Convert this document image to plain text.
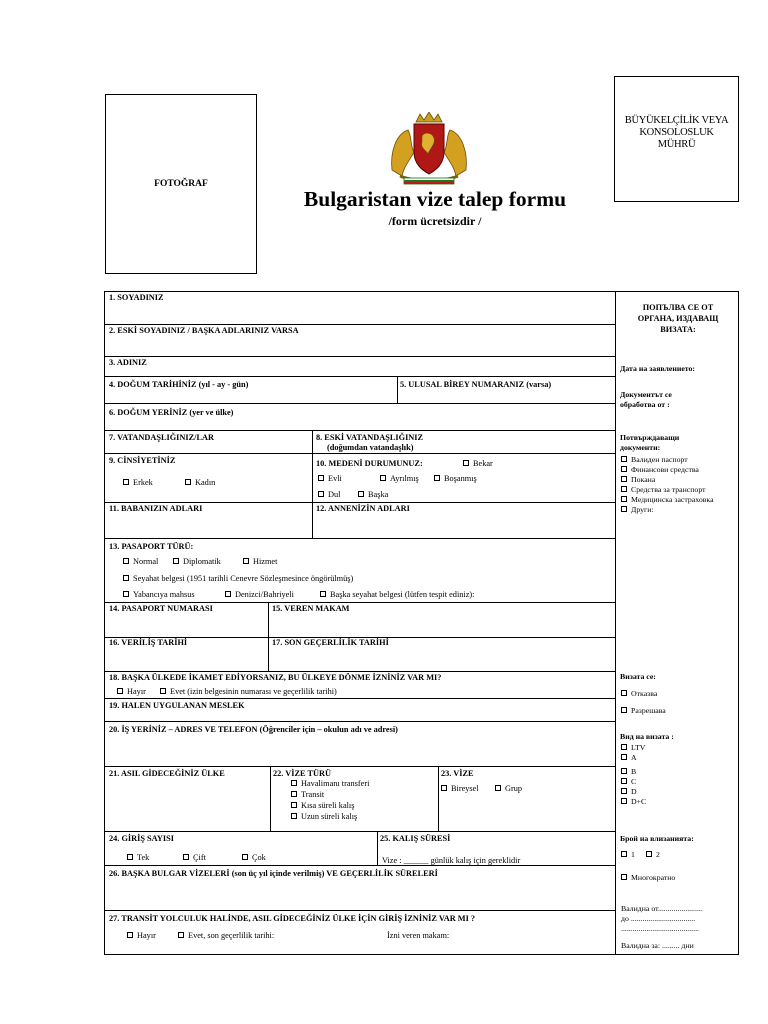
FOTOĞRAF
BÜYÜKELÇİLİK VEYA
KONSOLOSLUK
MÜHRÜ
Bulgaristan vize talep formu
/form ücretsizdir /
1. SOYADINIZ
2. ESKİ SOYADINIZ / BAŞKA ADLARINIZ VARSA
3. ADINIZ
4. DOĞUM TARİHİNİZ (yıl - ay - gün)	5. ULUSAL BİREY NUMARANIZ (varsa)
6. DOĞUM YERİNİZ (yer ve ülke)
7. VATANDAŞLIĞINIZ/LAR	8. ESKİ VATANDAŞLIĞINIZ
(doğumdan vatandaşlık)
9. CİNSİYETİNİZ
Erkek	Kadın
10. MEDENİ DURUMUNUZ:	Bekar
Evli	Ayrılmış	Boşanmış
Dul	Başka
11. BABANIZIN ADLARI	12. ANNENİZİN ADLARI
13. PASAPORT TÜRÜ:
Normal	Diplomatik	Hizmet
Seyahat belgesi (1951 tarihli Cenevre Sözleşmesince öngörülmüş)
Yabancıya mahsus	Denizci/Bahriyeli	Başka seyahat belgesi (lütfen tespit ediniz):
14. PASAPORT NUMARASI	15. VEREN MAKAM
16. VERİLİŞ TARİHİ	17. SON GEÇERLİLİK TARİHİ
18. BAŞKA ÜLKEDE İKAMET EDİYORSANIZ, BU ÜLKEYE DÖNME İZNİNİZ VAR MI?
Hayır	Evet (izin belgesinin numarası ve geçerlilik tarihi)
19. HALEN UYGULANAN MESLEK
20. İŞ YERİNİZ – ADRES VE TELEFON (Öğrenciler için – okulun adı ve adresi)
21. ASIL GİDECEĞİNİZ ÜLKE	22. VİZE TÜRÜ
Havalimanı transferi
Transit
Kısa süreli kalış
Uzun süreli kalış
23. VİZE
Bireysel	Grup
24. GİRİŞ SAYISI
Tek	Çift	Çok
25. KALIŞ SÜRESİ
Vize : ______ günlük kalış için gereklidir
26. BAŞKA BULGAR VİZELERİ (son üç yıl içinde verilmiş) VE GEÇERLİLİK SÜRELERİ
27. TRANSİT YOLCULUK HALİNDE, ASIL GİDECEĞİNİZ ÜLKE İÇİN GİRİŞ İZNİNİZ VAR MI ?
Hayır	Evet, son geçerlilik tarihi:	İzni veren makam:
ПОПЪЛВА СЕ ОТ
ОРГАНА, ИЗДАВАЩ
ВИЗАТА:
Дата на заявлението:
Документът се
обработва от :
Потвърждаващи
документи:
Валиден паспорт
Финансови средства
Покана
Средства за транспорт
Медицинска застраховка
Други:
Визата се:
Отказва
Разрешава
Вид на визата :
LTV
A
B
C
D
D+C
Брой на влизанията:
1	2
Многократно
Валидна от.......................
до .................................
........................................
Валидна за: ......... дни
